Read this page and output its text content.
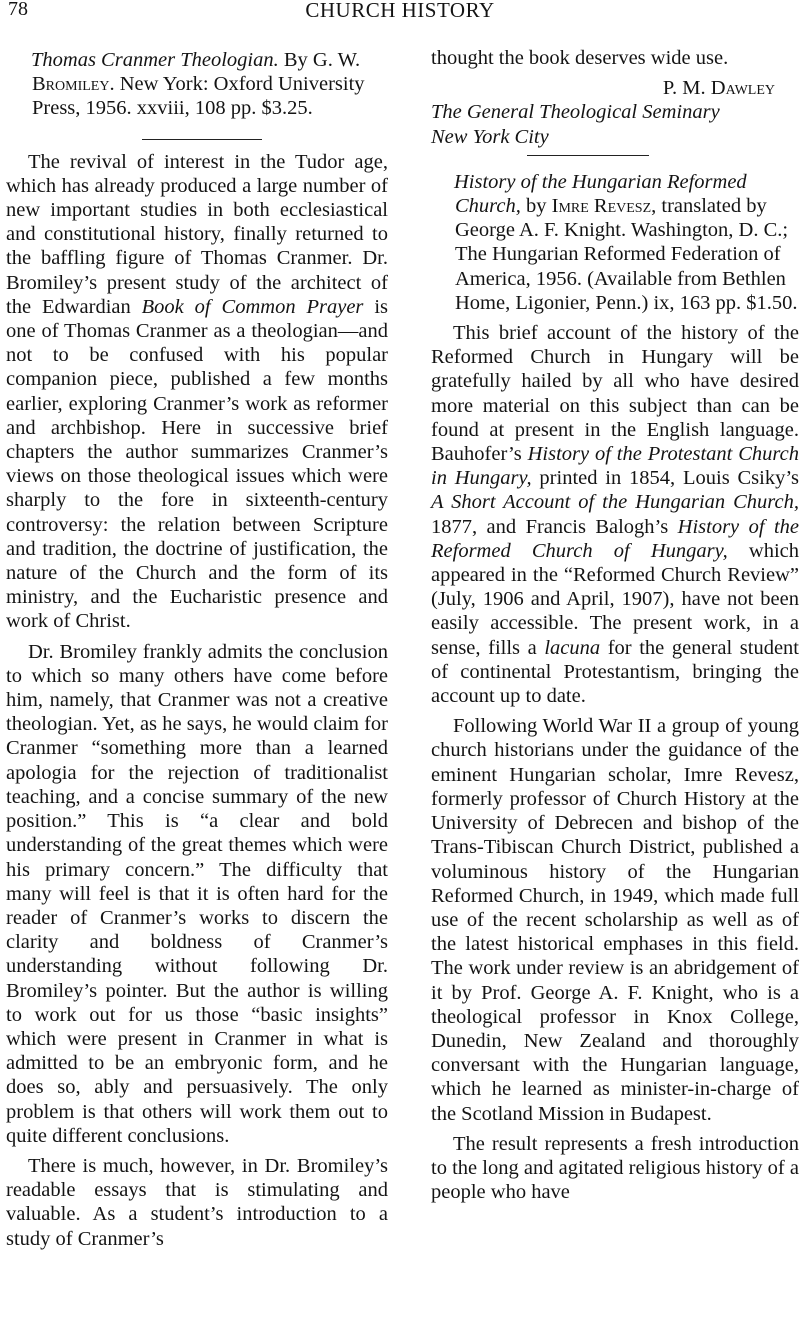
78	CHURCH HISTORY

Thomas Cranmer Theologian. By G. W. Bromiley. New York: Oxford University Press, 1956. xxviii, 108 pp. $3.25.

The revival of interest in the Tudor age, which has already produced a large number of new important studies in both ecclesiastical and constitutional history, finally returned to the baffling figure of Thomas Cranmer. Dr. Bromiley’s present study of the architect of the Edwardian Book of Common Prayer is one of Thomas Cranmer as a theologian—and not to be confused with his popular companion piece, published a few months earlier, exploring Cranmer’s work as reformer and archbishop. Here in successive brief chapters the author summarizes Cranmer’s views on those theological issues which were sharply to the fore in sixteenth-century controversy: the relation between Scripture and tradition, the doctrine of justification, the nature of the Church and the form of its ministry, and the Eucharistic presence and work of Christ.

Dr. Bromiley frankly admits the conclusion to which so many others have come before him, namely, that Cranmer was not a creative theologian. Yet, as he says, he would claim for Cranmer “something more than a learned apologia for the rejection of traditionalist teaching, and a concise summary of the new position.” This is “a clear and bold understanding of the great themes which were his primary concern.” The difficulty that many will feel is that it is often hard for the reader of Cranmer’s works to discern the clarity and boldness of Cranmer’s understanding without following Dr. Bromiley’s pointer. But the author is willing to work out for us those “basic insights” which were present in Cranmer in what is admitted to be an embryonic form, and he does so, ably and persuasively. The only problem is that others will work them out to quite different conclusions.

There is much, however, in Dr. Bromiley’s readable essays that is stimulating and valuable. As a student’s introduction to a study of Cranmer’s

thought the book deserves wide use.

P. M. Dawley

The General Theological Seminary
New York City

History of the Hungarian Reformed Church, by Imre Revesz, translated by George A. F. Knight. Washington, D. C.; The Hungarian Reformed Federation of America, 1956. (Available from Bethlen Home, Ligonier, Penn.) ix, 163 pp. $1.50.

This brief account of the history of the Reformed Church in Hungary will be gratefully hailed by all who have desired more material on this subject than can be found at present in the English language. Bauhofer’s History of the Protestant Church in Hungary, printed in 1854, Louis Csiky’s A Short Account of the Hungarian Church, 1877, and Francis Balogh’s History of the Reformed Church of Hungary, which appeared in the “Reformed Church Review” (July, 1906 and April, 1907), have not been easily accessible. The present work, in a sense, fills a lacuna for the general student of continental Protestantism, bringing the account up to date.

Following World War II a group of young church historians under the guidance of the eminent Hungarian scholar, Imre Revesz, formerly professor of Church History at the University of Debrecen and bishop of the Trans-Tibiscan Church District, published a voluminous history of the Hungarian Reformed Church, in 1949, which made full use of the recent scholarship as well as of the latest historical emphases in this field. The work under review is an abridgement of it by Prof. George A. F. Knight, who is a theological professor in Knox College, Dunedin, New Zealand and thoroughly conversant with the Hungarian language, which he learned as minister-in-charge of the Scotland Mission in Budapest.

The result represents a fresh introduction to the long and agitated religious history of a people who have
